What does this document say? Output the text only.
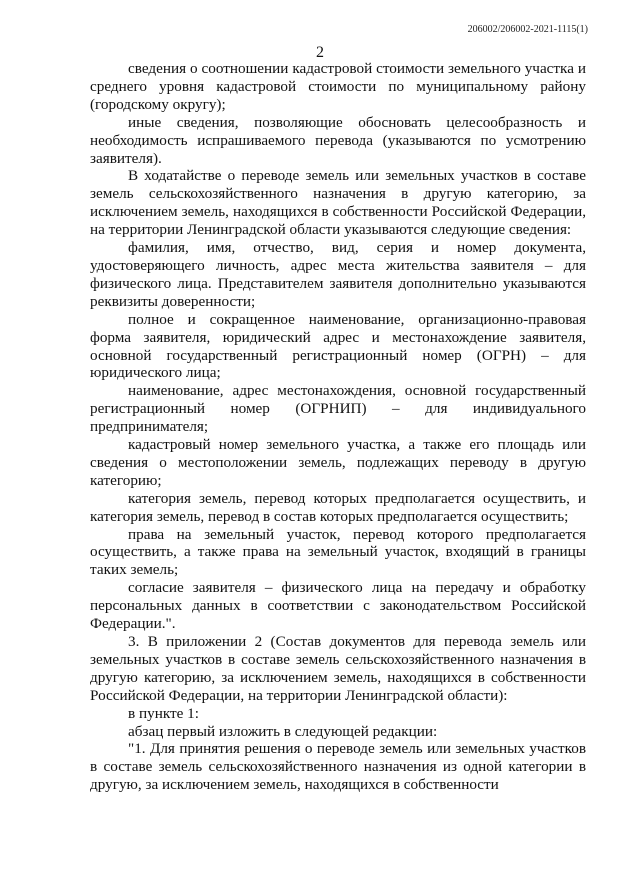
206002/206002-2021-1115(1)
2

сведения о соотношении кадастровой стоимости земельного участка и среднего уровня кадастровой стоимости по муниципальному району (городскому округу);

иные сведения, позволяющие обосновать целесообразность и необходимость испрашиваемого перевода (указываются по усмотрению заявителя).

В ходатайстве о переводе земель или земельных участков в составе земель сельскохозяйственного назначения в другую категорию, за исключением земель, находящихся в собственности Российской Федерации, на территории Ленинградской области указываются следующие сведения:

фамилия, имя, отчество, вид, серия и номер документа, удостоверяющего личность, адрес места жительства заявителя – для физического лица. Представителем заявителя дополнительно указываются реквизиты доверенности;

полное и сокращенное наименование, организационно-правовая форма заявителя, юридический адрес и местонахождение заявителя, основной государственный регистрационный номер (ОГРН) – для юридического лица;

наименование, адрес местонахождения, основной государственный регистрационный номер (ОГРНИП) – для индивидуального предпринимателя;

кадастровый номер земельного участка, а также его площадь или сведения о местоположении земель, подлежащих переводу в другую категорию;

категория земель, перевод которых предполагается осуществить, и категория земель, перевод в состав которых предполагается осуществить;

права на земельный участок, перевод которого предполагается осуществить, а также права на земельный участок, входящий в границы таких земель;

согласие заявителя – физического лица на передачу и обработку персональных данных в соответствии с законодательством Российской Федерации.".

3. В приложении 2 (Состав документов для перевода земель или земельных участков в составе земель сельскохозяйственного назначения в другую категорию, за исключением земель, находящихся в собственности Российской Федерации, на территории Ленинградской области):

в пункте 1:

абзац первый изложить в следующей редакции:

"1. Для принятия решения о переводе земель или земельных участков в составе земель сельскохозяйственного назначения из одной категории в другую, за исключением земель, находящихся в собственности
